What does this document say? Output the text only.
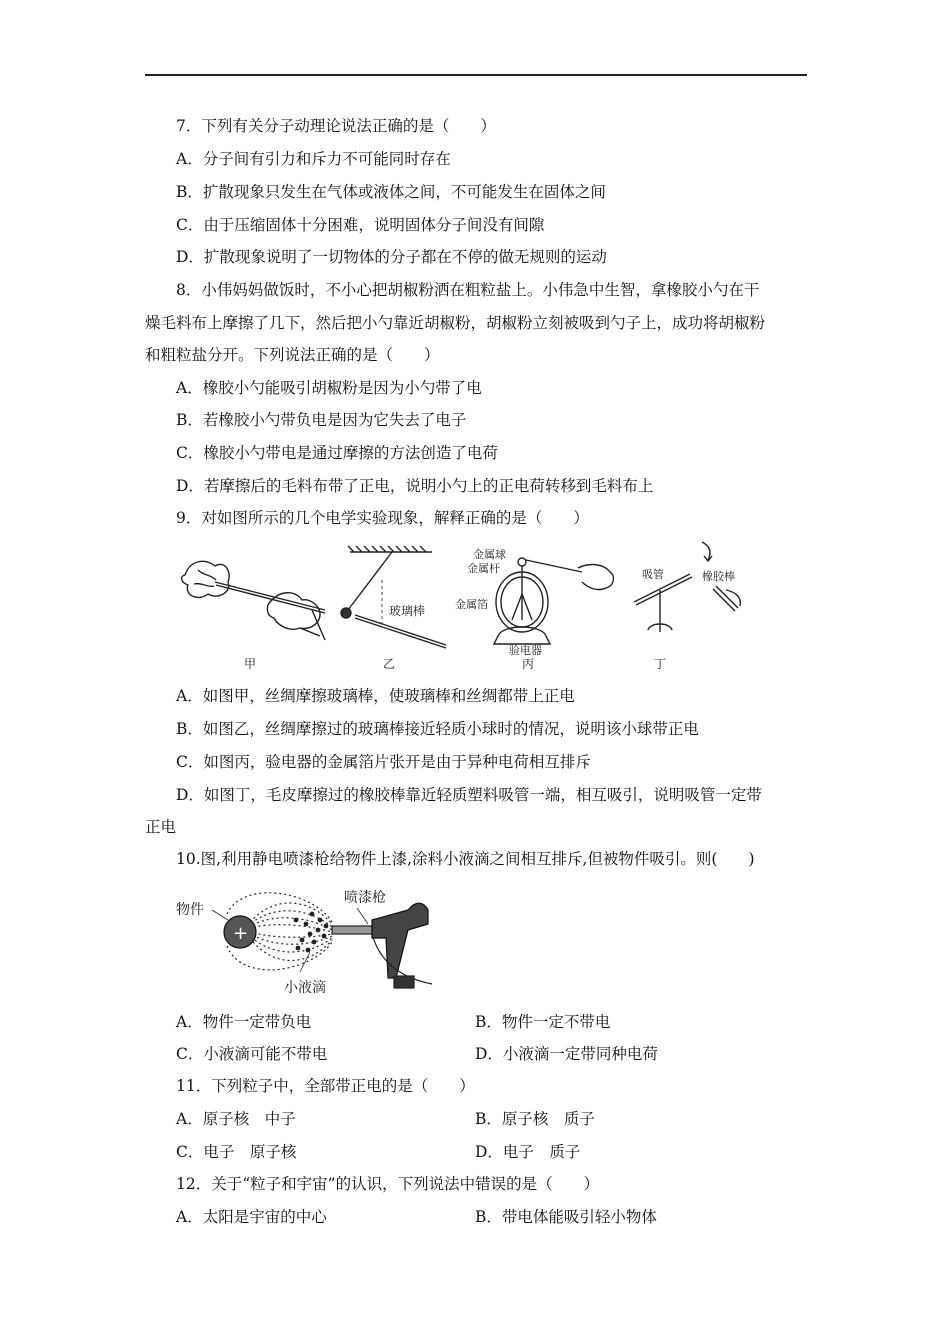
7．下列有关分子动理论说法正确的是（　　）
A．分子间有引力和斥力不可能同时存在
B．扩散现象只发生在气体或液体之间，不可能发生在固体之间
C．由于压缩固体十分困难，说明固体分子间没有间隙
D．扩散现象说明了一切物体的分子都在不停的做无规则的运动
8．小伟妈妈做饭时，不小心把胡椒粉洒在粗粒盐上。小伟急中生智，拿橡胶小勺在干
燥毛料布上摩擦了几下，然后把小勺靠近胡椒粉，胡椒粉立刻被吸到勺子上，成功将胡椒粉
和粗粒盐分开。下列说法正确的是（　　）
A．橡胶小勺能吸引胡椒粉是因为小勺带了电
B．若橡胶小勺带负电是因为它失去了电子
C．橡胶小勺带电是通过摩擦的方法创造了电荷
D．若摩擦后的毛料布带了正电，说明小勺上的正电荷转移到毛料布上
9．对如图所示的几个电学实验现象，解释正确的是（　　）
甲
玻璃棒
乙
金属球
金属杆
金属箔
验电器
丙
吸管	橡胶棒
丁
A．如图甲，丝绸摩擦玻璃棒，使玻璃棒和丝绸都带上正电
B．如图乙，丝绸摩擦过的玻璃棒接近轻质小球时的情况，说明该小球带正电
C．如图丙，验电器的金属箔片张开是由于异种电荷相互排斥
D．如图丁，毛皮摩擦过的橡胶棒靠近轻质塑料吸管一端，相互吸引，说明吸管一定带
正电
10.图,利用静电喷漆枪给物件上漆,涂料小液滴之间相互排斥,但被物件吸引。则(　　)
+
物件
喷漆枪
小液滴
A．物件一定带负电	B．物件一定不带电
C．小液滴可能不带电	D．小液滴一定带同种电荷
11．下列粒子中，全部带正电的是（　　）
A．原子核　中子	B．原子核　质子
C．电子　原子核	D．电子　质子
12．关于“粒子和宇宙”的认识，下列说法中错误的是（　　）
A．太阳是宇宙的中心	B．带电体能吸引轻小物体
